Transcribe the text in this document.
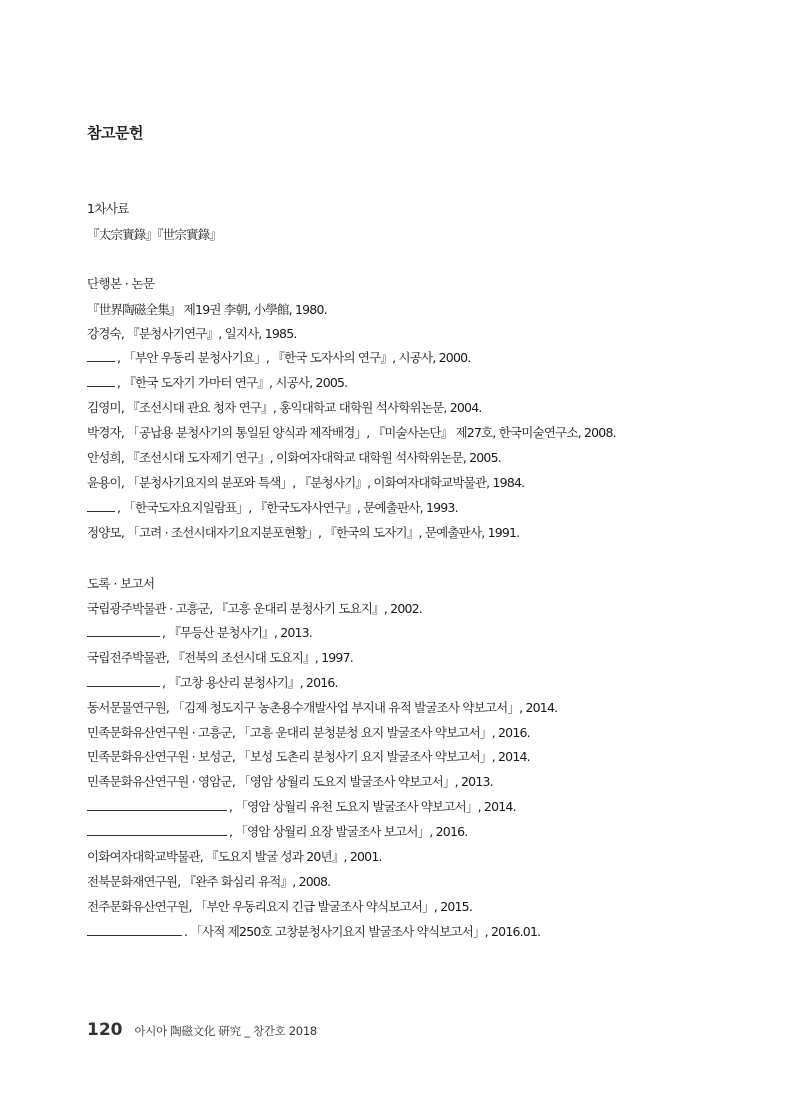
참고문헌
1차사료
『太宗實錄』『世宗實錄』
단행본 · 논문
『世界陶磁全集』 제19권 李朝, 小學館, 1980.
강경숙, 『분청사기연구』, 일지사, 1985.
, 「부안 우동리 분청사기요」, 『한국 도자사의 연구』, 시공사, 2000.
, 『한국 도자기 가마터 연구』, 시공사, 2005.
김영미, 『조선시대 관요 청자 연구』, 홍익대학교 대학원 석사학위논문, 2004.
박경자, 「공납용 분청사기의 통일된 양식과 제작배경」, 『미술사논단』 제27호, 한국미술연구소, 2008.
안성희, 『조선시대 도자제기 연구』, 이화여자대학교 대학원 석사학위논문, 2005.
윤용이, 「분청사기요지의 분포와 특색」, 『분청사기』, 이화여자대학교박물관, 1984.
, 「한국도자요지일람표」, 『한국도자사연구』, 문예출판사, 1993.
정양모, 「고려 · 조선시대자기요지분포현황」, 『한국의 도자기』, 문예출판사, 1991.
도록 · 보고서
국립광주박물관 · 고흥군, 『고흥 운대리 분청사기 도요지』, 2002.
, 『무등산 분청사기』, 2013.
국립전주박물관, 『전북의 조선시대 도요지』, 1997.
, 『고창 용산리 분청사기』, 2016.
동서문물연구원, 「김제 청도지구 농촌용수개발사업 부지내 유적 발굴조사 약보고서」, 2014.
민족문화유산연구원 · 고흥군, 「고흥 운대리 분청분청 요지 발굴조사 약보고서」, 2016.
민족문화유산연구원 · 보성군, 「보성 도촌리 분청사기 요지 발굴조사 약보고서」, 2014.
민족문화유산연구원 · 영암군, 「영암 상월리 도요지 발굴조사 약보고서」, 2013.
, 「영암 상월리 유천 도요지 발굴조사 약보고서」, 2014.
, 「영암 상월리 요장 발굴조사 보고서」, 2016.
이화여자대학교박물관, 『도요지 발굴 성과 20년』, 2001.
전북문화재연구원, 『완주 화심리 유적』, 2008.
전주문화유산연구원, 「부안 우동리요지 긴급 발굴조사 약식보고서」, 2015.
. 「사적 제250호 고창분청사기요지 발굴조사 약식보고서」, 2016.01.
120 아시아 陶磁文化 硏究 _ 창간호 2018
